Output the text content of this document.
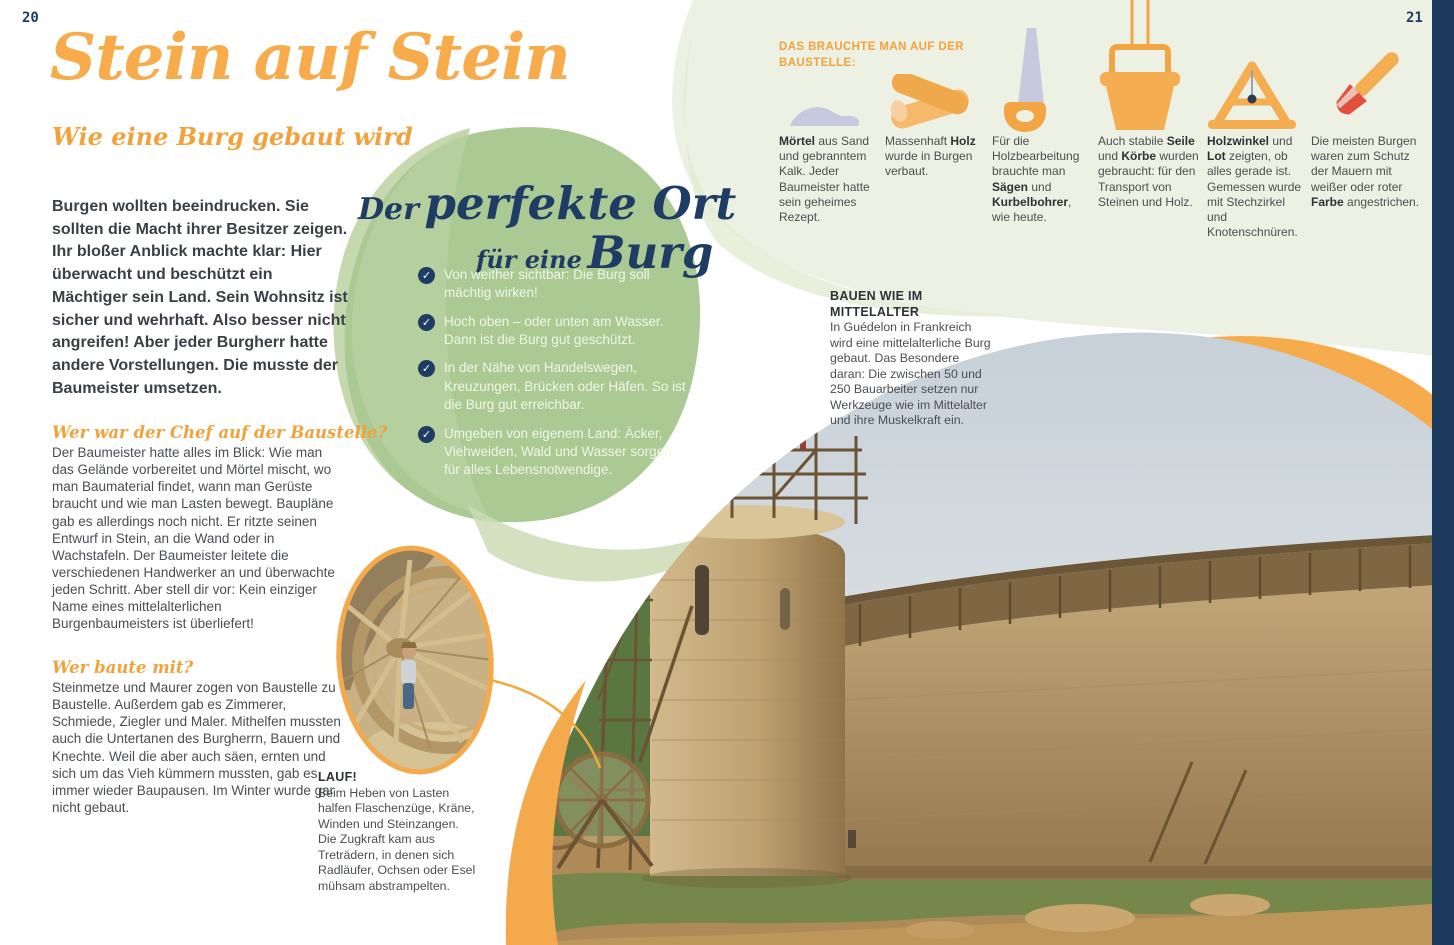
20	21
Stein auf Stein
Wie eine Burg gebaut wird

Burgen wollten beeindrucken. Sie sollten die Macht ihrer Besitzer zeigen. Ihr bloßer Anblick machte klar: Hier überwacht und beschützt ein Mächtiger sein Land. Sein Wohnsitz ist sicher und wehrhaft. Also besser nicht angreifen! Aber jeder Burgherr hatte andere Vorstellungen. Die musste der Baumeister umsetzen.

Wer war der Chef auf der Baustelle?

Der Baumeister hatte alles im Blick: Wie man das Gelände vorbereitet und Mörtel mischt, wo man Baumaterial findet, wann man Gerüste braucht und wie man Lasten bewegt. Baupläne gab es allerdings noch nicht. Er ritzte seinen Entwurf in Stein, an die Wand oder in Wachstafeln. Der Baumeister leitete die verschiedenen Handwerker an und überwachte jeden Schritt. Aber stell dir vor: Kein einziger Name eines mittelalterlichen Burgenbaumeisters ist überliefert!

Wer baute mit?

Steinmetze und Maurer zogen von Baustelle zu Baustelle. Außerdem gab es Zimmerer, Schmiede, Ziegler und Maler. Mithelfen mussten auch die Untertanen des Burgherrn, Bauern und Knechte. Weil die aber auch säen, ernten und sich um das Vieh kümmern mussten, gab es immer wieder Baupausen. Im Winter wurde gar nicht gebaut.

Der perfekte Ort
für eine Burg
✓ Von weither sichtbar: Die Burg soll mächtig wirken!
✓ Hoch oben – oder unten am Wasser. Dann ist die Burg gut geschützt.
✓ In der Nähe von Handelswegen, Kreuzungen, Brücken oder Häfen. So ist die Burg gut erreichbar.
✓ Umgeben von eigenem Land: Äcker, Viehweiden, Wald und Wasser sorgen für alles Lebensnotwendige.
DAS BRAUCHTE MAN AUF DER BAUSTELLE:

Mörtel aus Sand und gebranntem Kalk. Jeder Baumeister hatte sein geheimes Rezept.

Massenhaft Holz wurde in Burgen verbaut.

Für die Holzbearbeitung brauchte man Sägen und Kurbelbohrer, wie heute.

Auch stabile Seile und Körbe wurden gebraucht: für den Transport von Steinen und Holz.

Holzwinkel und Lot zeigten, ob alles gerade ist. Gemessen wurde mit Stechzirkel und Knotenschnüren.

Die meisten Burgen waren zum Schutz der Mauern mit weißer oder roter Farbe angestrichen.

BAUEN WIE IM MITTELALTER

In Guédelon in Frankreich wird eine mittelalterliche Burg gebaut. Das Besondere daran: Die zwischen 50 und 250 Bauarbeiter setzen nur Werkzeuge wie im Mittelalter und ihre Muskelkraft ein.

LAUF!

Beim Heben von Lasten halfen Flaschenzüge, Kräne, Winden und Steinzangen. Die Zugkraft kam aus Treträdern, in denen sich Radläufer, Ochsen oder Esel mühsam abstrampelten.
